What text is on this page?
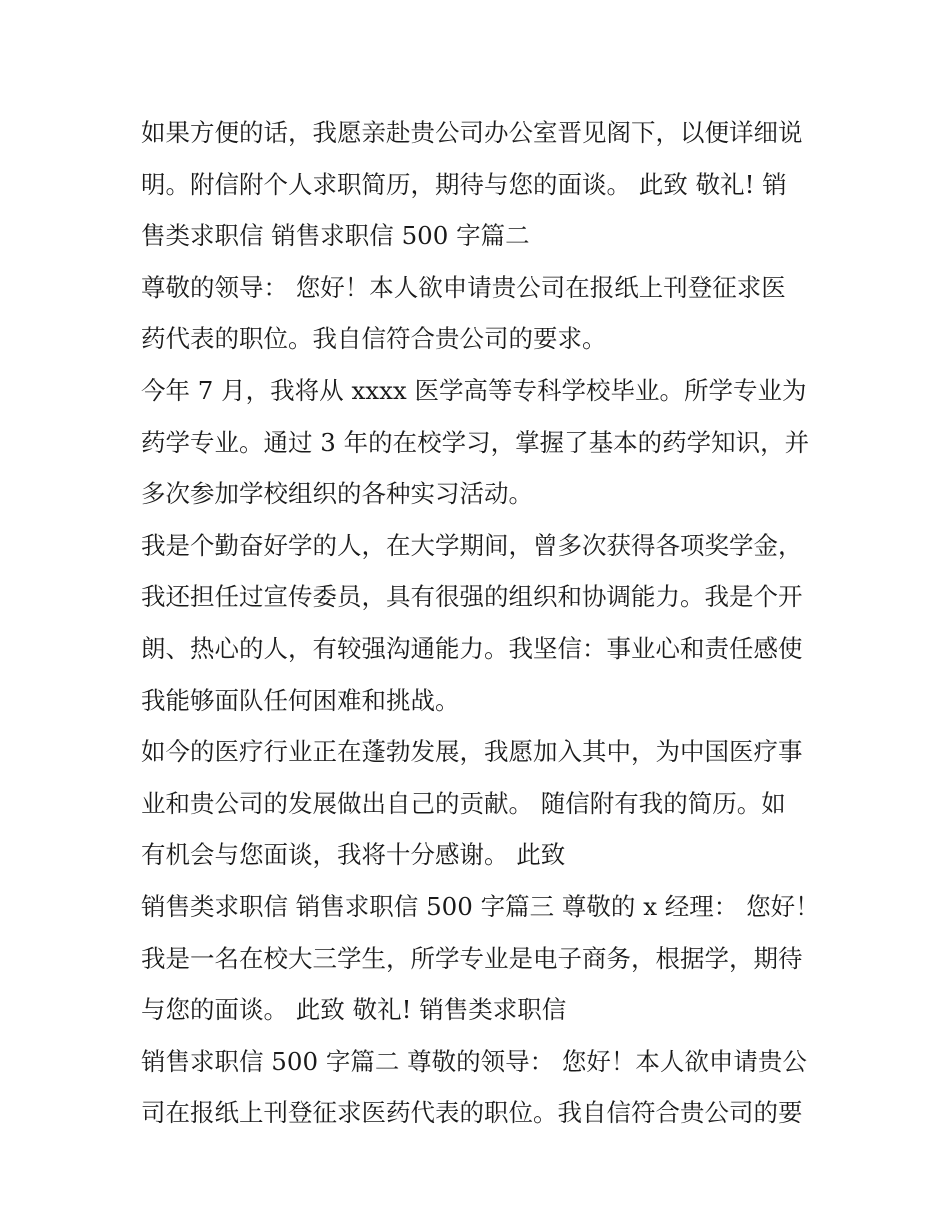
如果方便的话，我愿亲赴贵公司办公室晋见阁下，以便详细说
明。附信附个人求职简历，期待与您的面谈。 此致 敬礼! 销
售类求职信 销售求职信 500 字篇二
尊敬的领导： 您好！本人欲申请贵公司在报纸上刊登征求医
药代表的职位。我自信符合贵公司的要求。
今年 7 月，我将从 xxxx 医学高等专科学校毕业。所学专业为
药学专业。通过 3 年的在校学习，掌握了基本的药学知识，并
多次参加学校组织的各种实习活动。
我是个勤奋好学的人，在大学期间，曾多次获得各项奖学金，
我还担任过宣传委员，具有很强的组织和协调能力。我是个开
朗、热心的人，有较强沟通能力。我坚信：事业心和责任感使
我能够面队任何困难和挑战。
如今的医疗行业正在蓬勃发展，我愿加入其中，为中国医疗事
业和贵公司的发展做出自己的贡献。 随信附有我的简历。如
有机会与您面谈，我将十分感谢。 此致
销售类求职信 销售求职信 500 字篇三 尊敬的 x 经理： 您好！
我是一名在校大三学生，所学专业是电子商务，根据学，期待
与您的面谈。 此致 敬礼! 销售类求职信
销售求职信 500 字篇二 尊敬的领导： 您好！本人欲申请贵公
司在报纸上刊登征求医药代表的职位。我自信符合贵公司的要
